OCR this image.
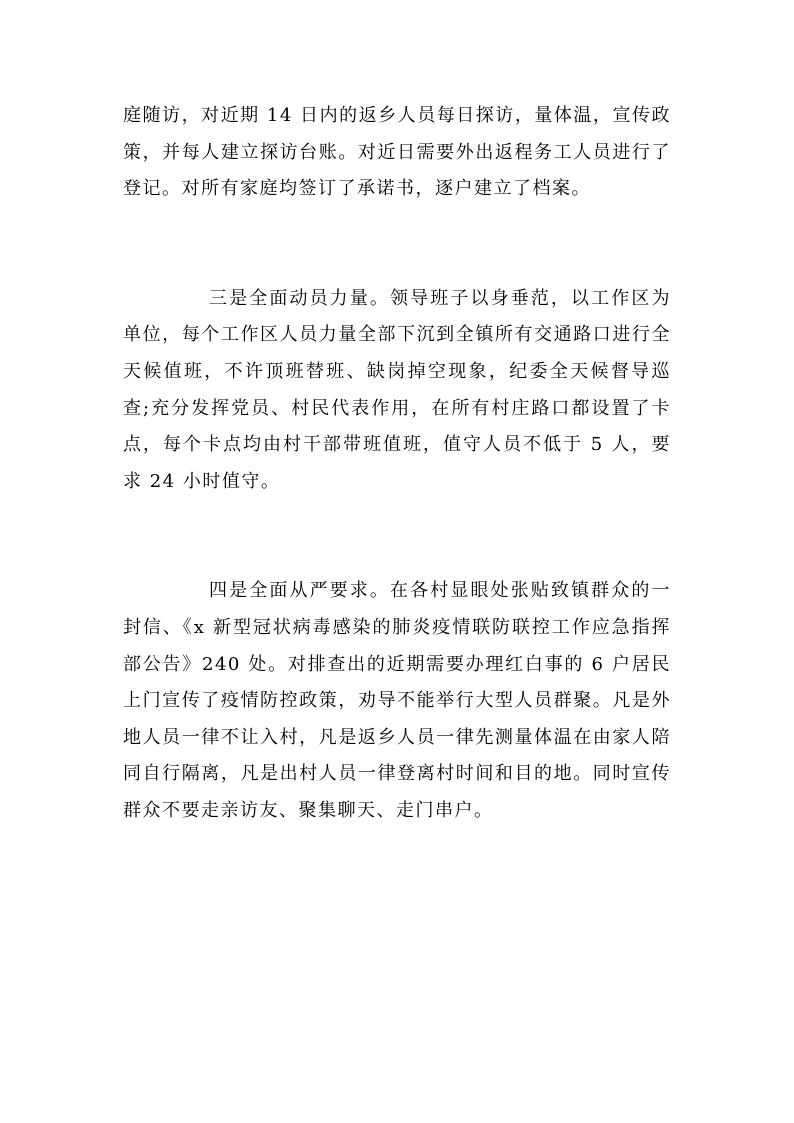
庭随访，对近期 14 日内的返乡人员每日探访，量体温，宣传政策，并每人建立探访台账。对近日需要外出返程务工人员进行了登记。对所有家庭均签订了承诺书，逐户建立了档案。

三是全面动员力量。领导班子以身垂范，以工作区为单位，每个工作区人员力量全部下沉到全镇所有交通路口进行全天候值班，不许顶班替班、缺岗掉空现象，纪委全天候督导巡查;充分发挥党员、村民代表作用，在所有村庄路口都设置了卡点，每个卡点均由村干部带班值班，值守人员不低于 5 人，要求 24 小时值守。

四是全面从严要求。在各村显眼处张贴致镇群众的一封信、《x 新型冠状病毒感染的肺炎疫情联防联控工作应急指挥部公告》240 处。对排查出的近期需要办理红白事的 6 户居民上门宣传了疫情防控政策，劝导不能举行大型人员群聚。凡是外地人员一律不让入村，凡是返乡人员一律先测量体温在由家人陪同自行隔离，凡是出村人员一律登离村时间和目的地。同时宣传群众不要走亲访友、聚集聊天、走门串户。
